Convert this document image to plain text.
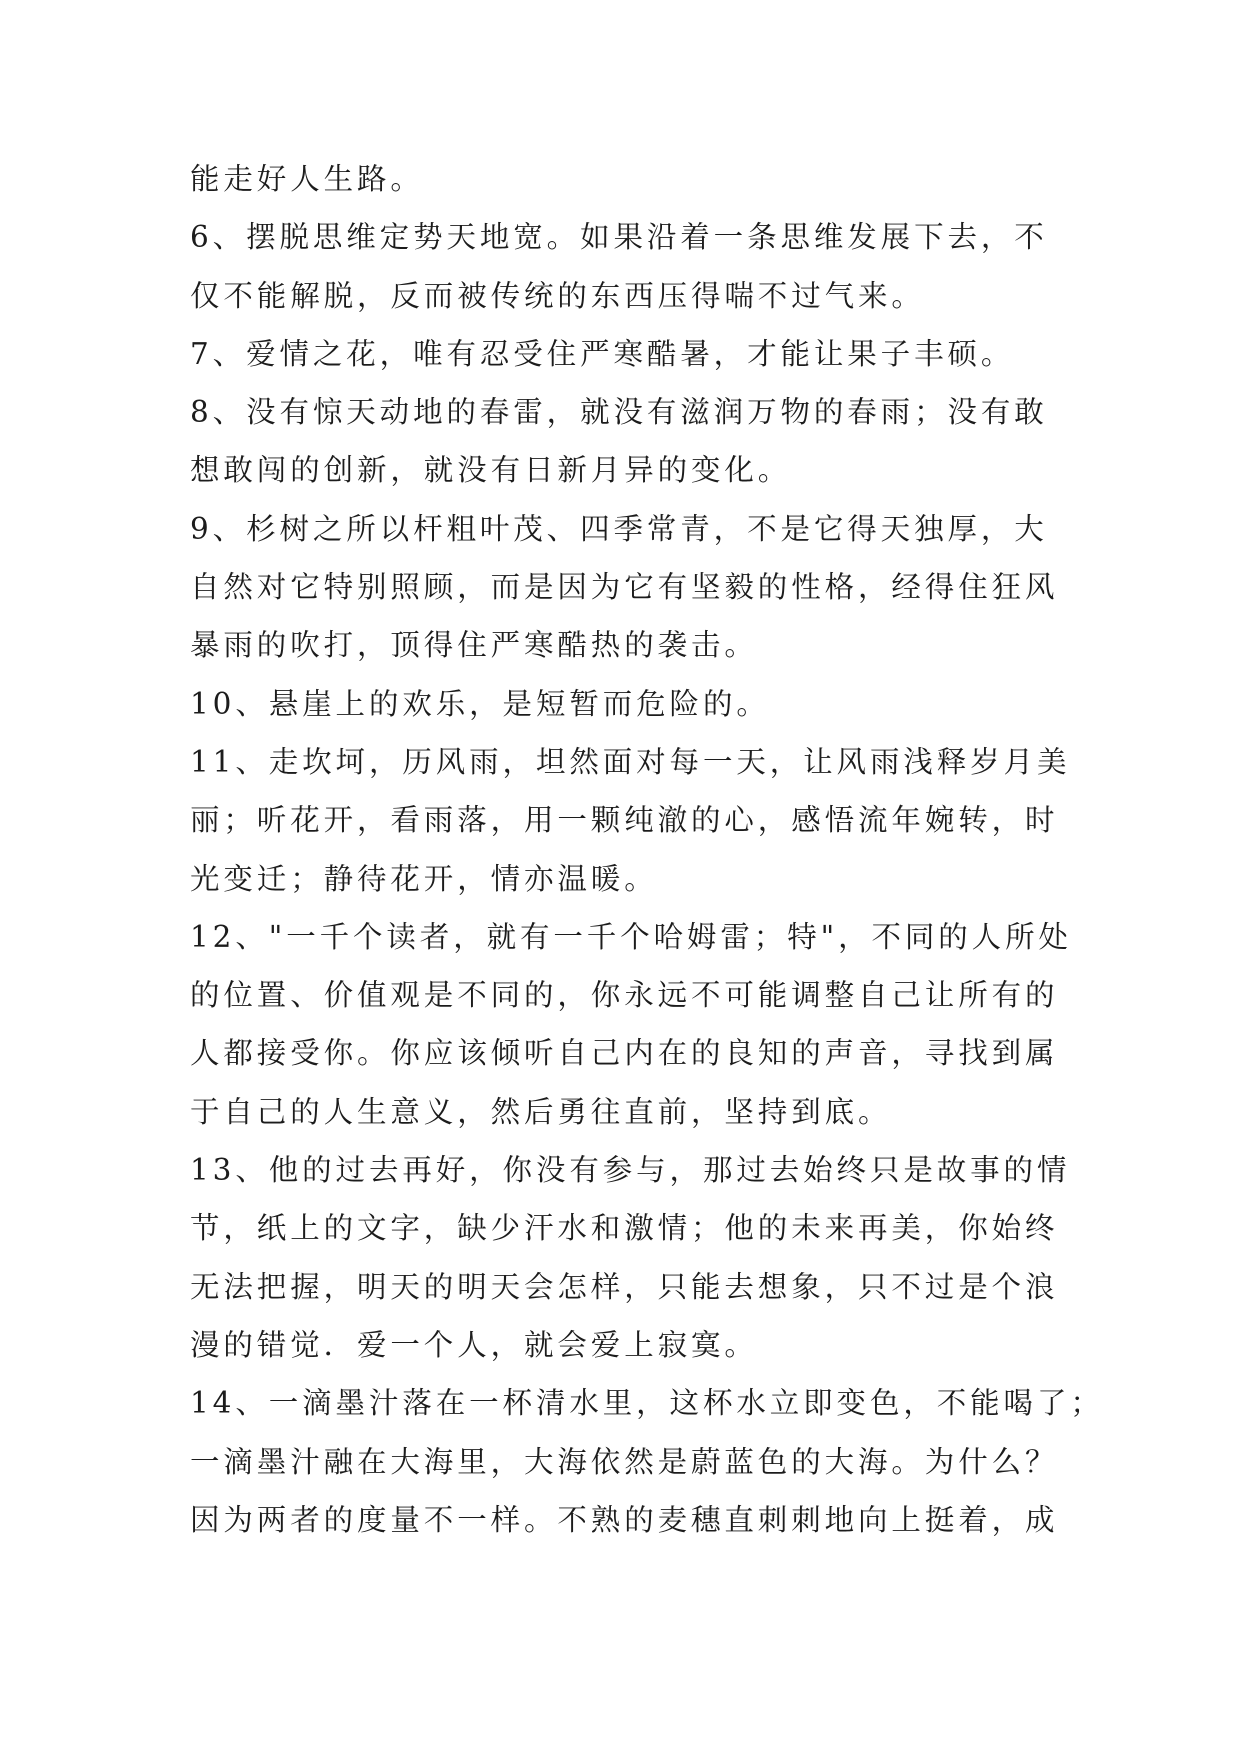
能走好人生路。
6、摆脱思维定势天地宽。如果沿着一条思维发展下去，不
仅不能解脱，反而被传统的东西压得喘不过气来。
7、爱情之花，唯有忍受住严寒酷暑，才能让果子丰硕。
8、没有惊天动地的春雷，就没有滋润万物的春雨；没有敢
想敢闯的创新，就没有日新月异的变化。
9、杉树之所以杆粗叶茂、四季常青，不是它得天独厚，大
自然对它特别照顾，而是因为它有坚毅的性格，经得住狂风
暴雨的吹打，顶得住严寒酷热的袭击。
10、悬崖上的欢乐，是短暂而危险的。
11、走坎坷，历风雨，坦然面对每一天，让风雨浅释岁月美
丽；听花开，看雨落，用一颗纯澈的心，感悟流年婉转，时
光变迁；静待花开，情亦温暖。
12、"一千个读者，就有一千个哈姆雷；特"，不同的人所处
的位置、价值观是不同的，你永远不可能调整自己让所有的
人都接受你。你应该倾听自己内在的良知的声音，寻找到属
于自己的人生意义，然后勇往直前，坚持到底。
13、他的过去再好，你没有参与，那过去始终只是故事的情
节，纸上的文字，缺少汗水和激情；他的未来再美，你始终
无法把握，明天的明天会怎样，只能去想象，只不过是个浪
漫的错觉．爱一个人，就会爱上寂寞。
14、一滴墨汁落在一杯清水里，这杯水立即变色，不能喝了；
一滴墨汁融在大海里，大海依然是蔚蓝色的大海。为什么？
因为两者的度量不一样。不熟的麦穗直刺刺地向上挺着，成
